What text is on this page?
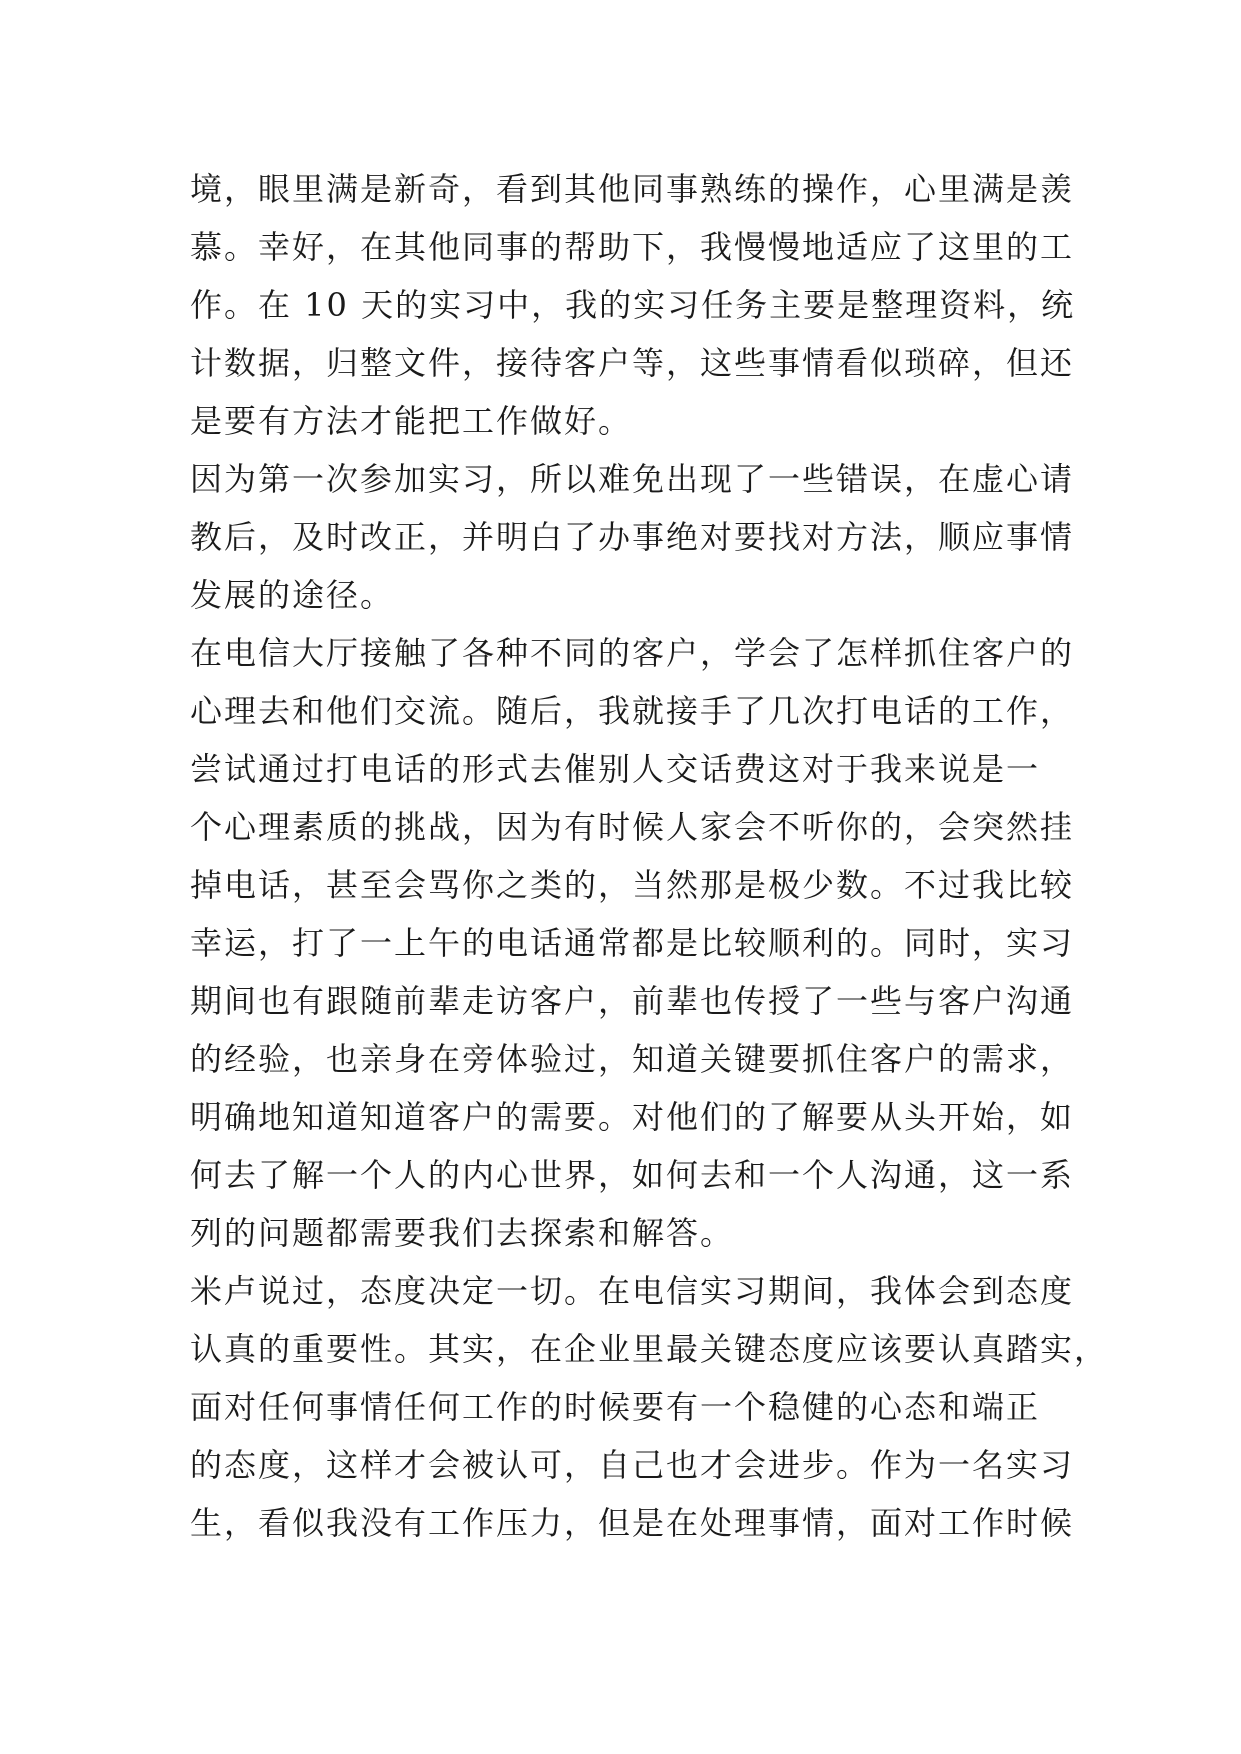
境，眼里满是新奇，看到其他同事熟练的操作，心里满是羡
慕。幸好，在其他同事的帮助下，我慢慢地适应了这里的工
作。在 10 天的实习中，我的实习任务主要是整理资料，统
计数据，归整文件，接待客户等，这些事情看似琐碎，但还
是要有方法才能把工作做好。
因为第一次参加实习，所以难免出现了一些错误，在虚心请
教后，及时改正，并明白了办事绝对要找对方法，顺应事情
发展的途径。
在电信大厅接触了各种不同的客户，学会了怎样抓住客户的
心理去和他们交流。随后，我就接手了几次打电话的工作，
尝试通过打电话的形式去催别人交话费这对于我来说是一
个心理素质的挑战，因为有时候人家会不听你的，会突然挂
掉电话，甚至会骂你之类的，当然那是极少数。不过我比较
幸运，打了一上午的电话通常都是比较顺利的。同时，实习
期间也有跟随前辈走访客户，前辈也传授了一些与客户沟通
的经验，也亲身在旁体验过，知道关键要抓住客户的需求，
明确地知道知道客户的需要。对他们的了解要从头开始，如
何去了解一个人的内心世界，如何去和一个人沟通，这一系
列的问题都需要我们去探索和解答。
米卢说过，态度决定一切。在电信实习期间，我体会到态度
认真的重要性。其实，在企业里最关键态度应该要认真踏实，
面对任何事情任何工作的时候要有一个稳健的心态和端正
的态度，这样才会被认可，自己也才会进步。作为一名实习
生，看似我没有工作压力，但是在处理事情，面对工作时候
